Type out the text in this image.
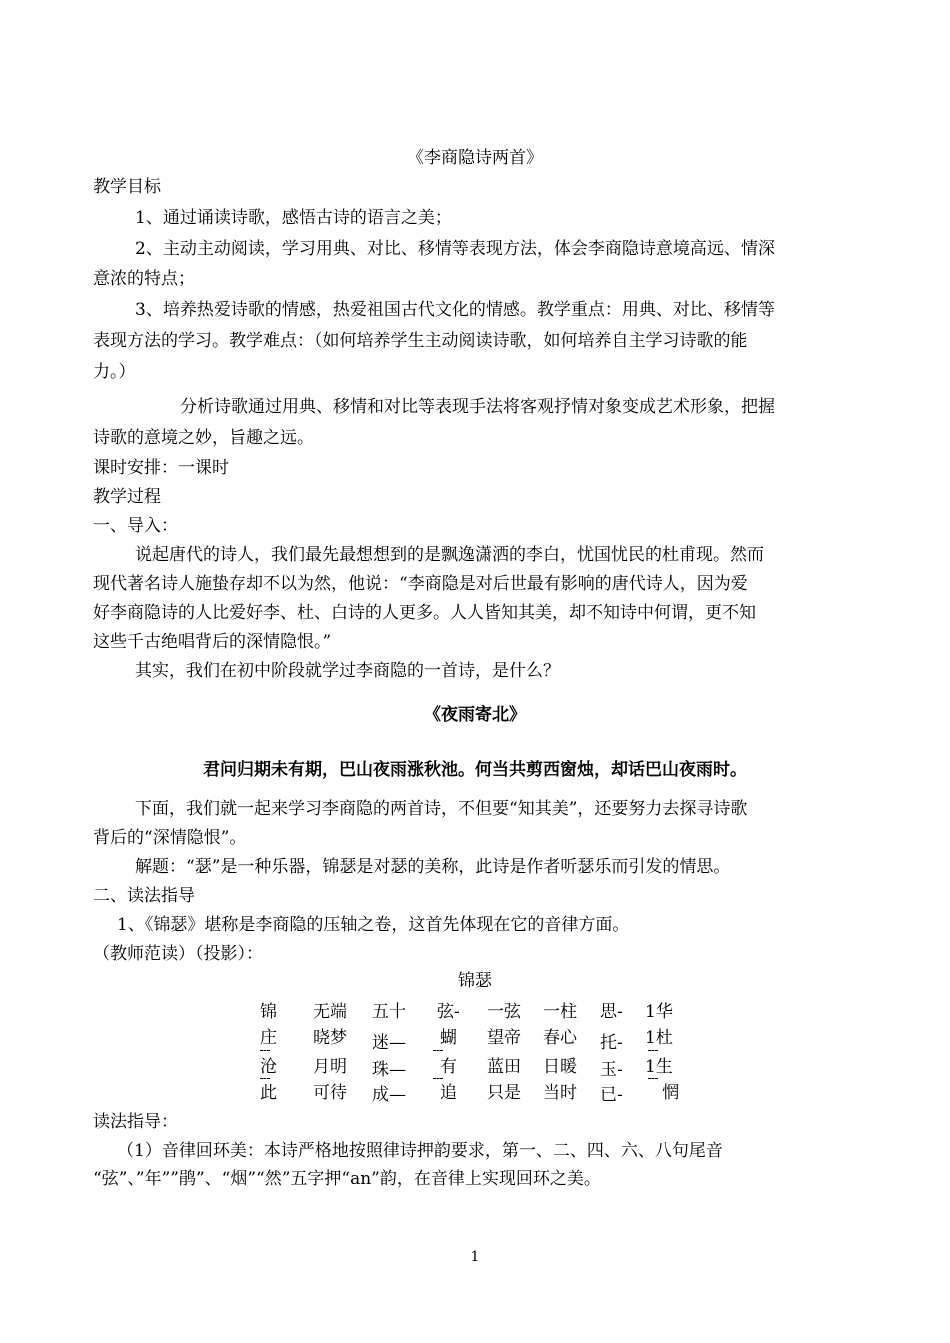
《李商隐诗两首》
教学目标
1、通过诵读诗歌，感悟古诗的语言之美；
2、主动主动阅读，学习用典、对比、移情等表现方法，体会李商隐诗意境高远、情深
意浓的特点；
3、培养热爱诗歌的情感，热爱祖国古代文化的情感。教学重点：用典、对比、移情等
表现方法的学习。教学难点：（如何培养学生主动阅读诗歌，如何培养自主学习诗歌的能
力。）
分析诗歌通过用典、移情和对比等表现手法将客观抒情对象变成艺术形象，把握
诗歌的意境之妙，旨趣之远。
课时安排：一课时
教学过程
一、导入：
说起唐代的诗人，我们最先最想想到的是飘逸潇洒的李白，忧国忧民的杜甫现。然而
现代著名诗人施蛰存却不以为然，他说：“李商隐是对后世最有影响的唐代诗人，因为爱
好李商隐诗的人比爱好李、杜、白诗的人更多。人人皆知其美，却不知诗中何谓，更不知
这些千古绝唱背后的深情隐恨。”
其实，我们在初中阶段就学过李商隐的一首诗，是什么？
《夜雨寄北》
君问归期未有期，巴山夜雨涨秋池。何当共剪西窗烛，却话巴山夜雨时。
下面，我们就一起来学习李商隐的两首诗，不但要“知其美”，还要努力去探寻诗歌
背后的“深情隐恨”。
解题：“瑟”是一种乐器，锦瑟是对瑟的美称，此诗是作者听瑟乐而引发的情思。
二、读法指导
1、《锦瑟》堪称是李商隐的压轴之卷，这首先体现在它的音律方面。
（教师范读）（投影）：
锦瑟
锦 无端 五十 弦- 一弦 一柱 思- 1华
庄 晓梦 迷— 蝴 望帝 春心 托- 1杜
沧 月明 珠— 有 蓝田 日暖 玉- 1生
此 可待 成— 追 只是 当时 已- 惘
读法指导：
（1）音律回环美：本诗严格地按照律诗押韵要求，第一、二、四、六、八句尾音
“弦”、”年””鹃”、“烟”“然”五字押“an”韵，在音律上实现回环之美。
1
